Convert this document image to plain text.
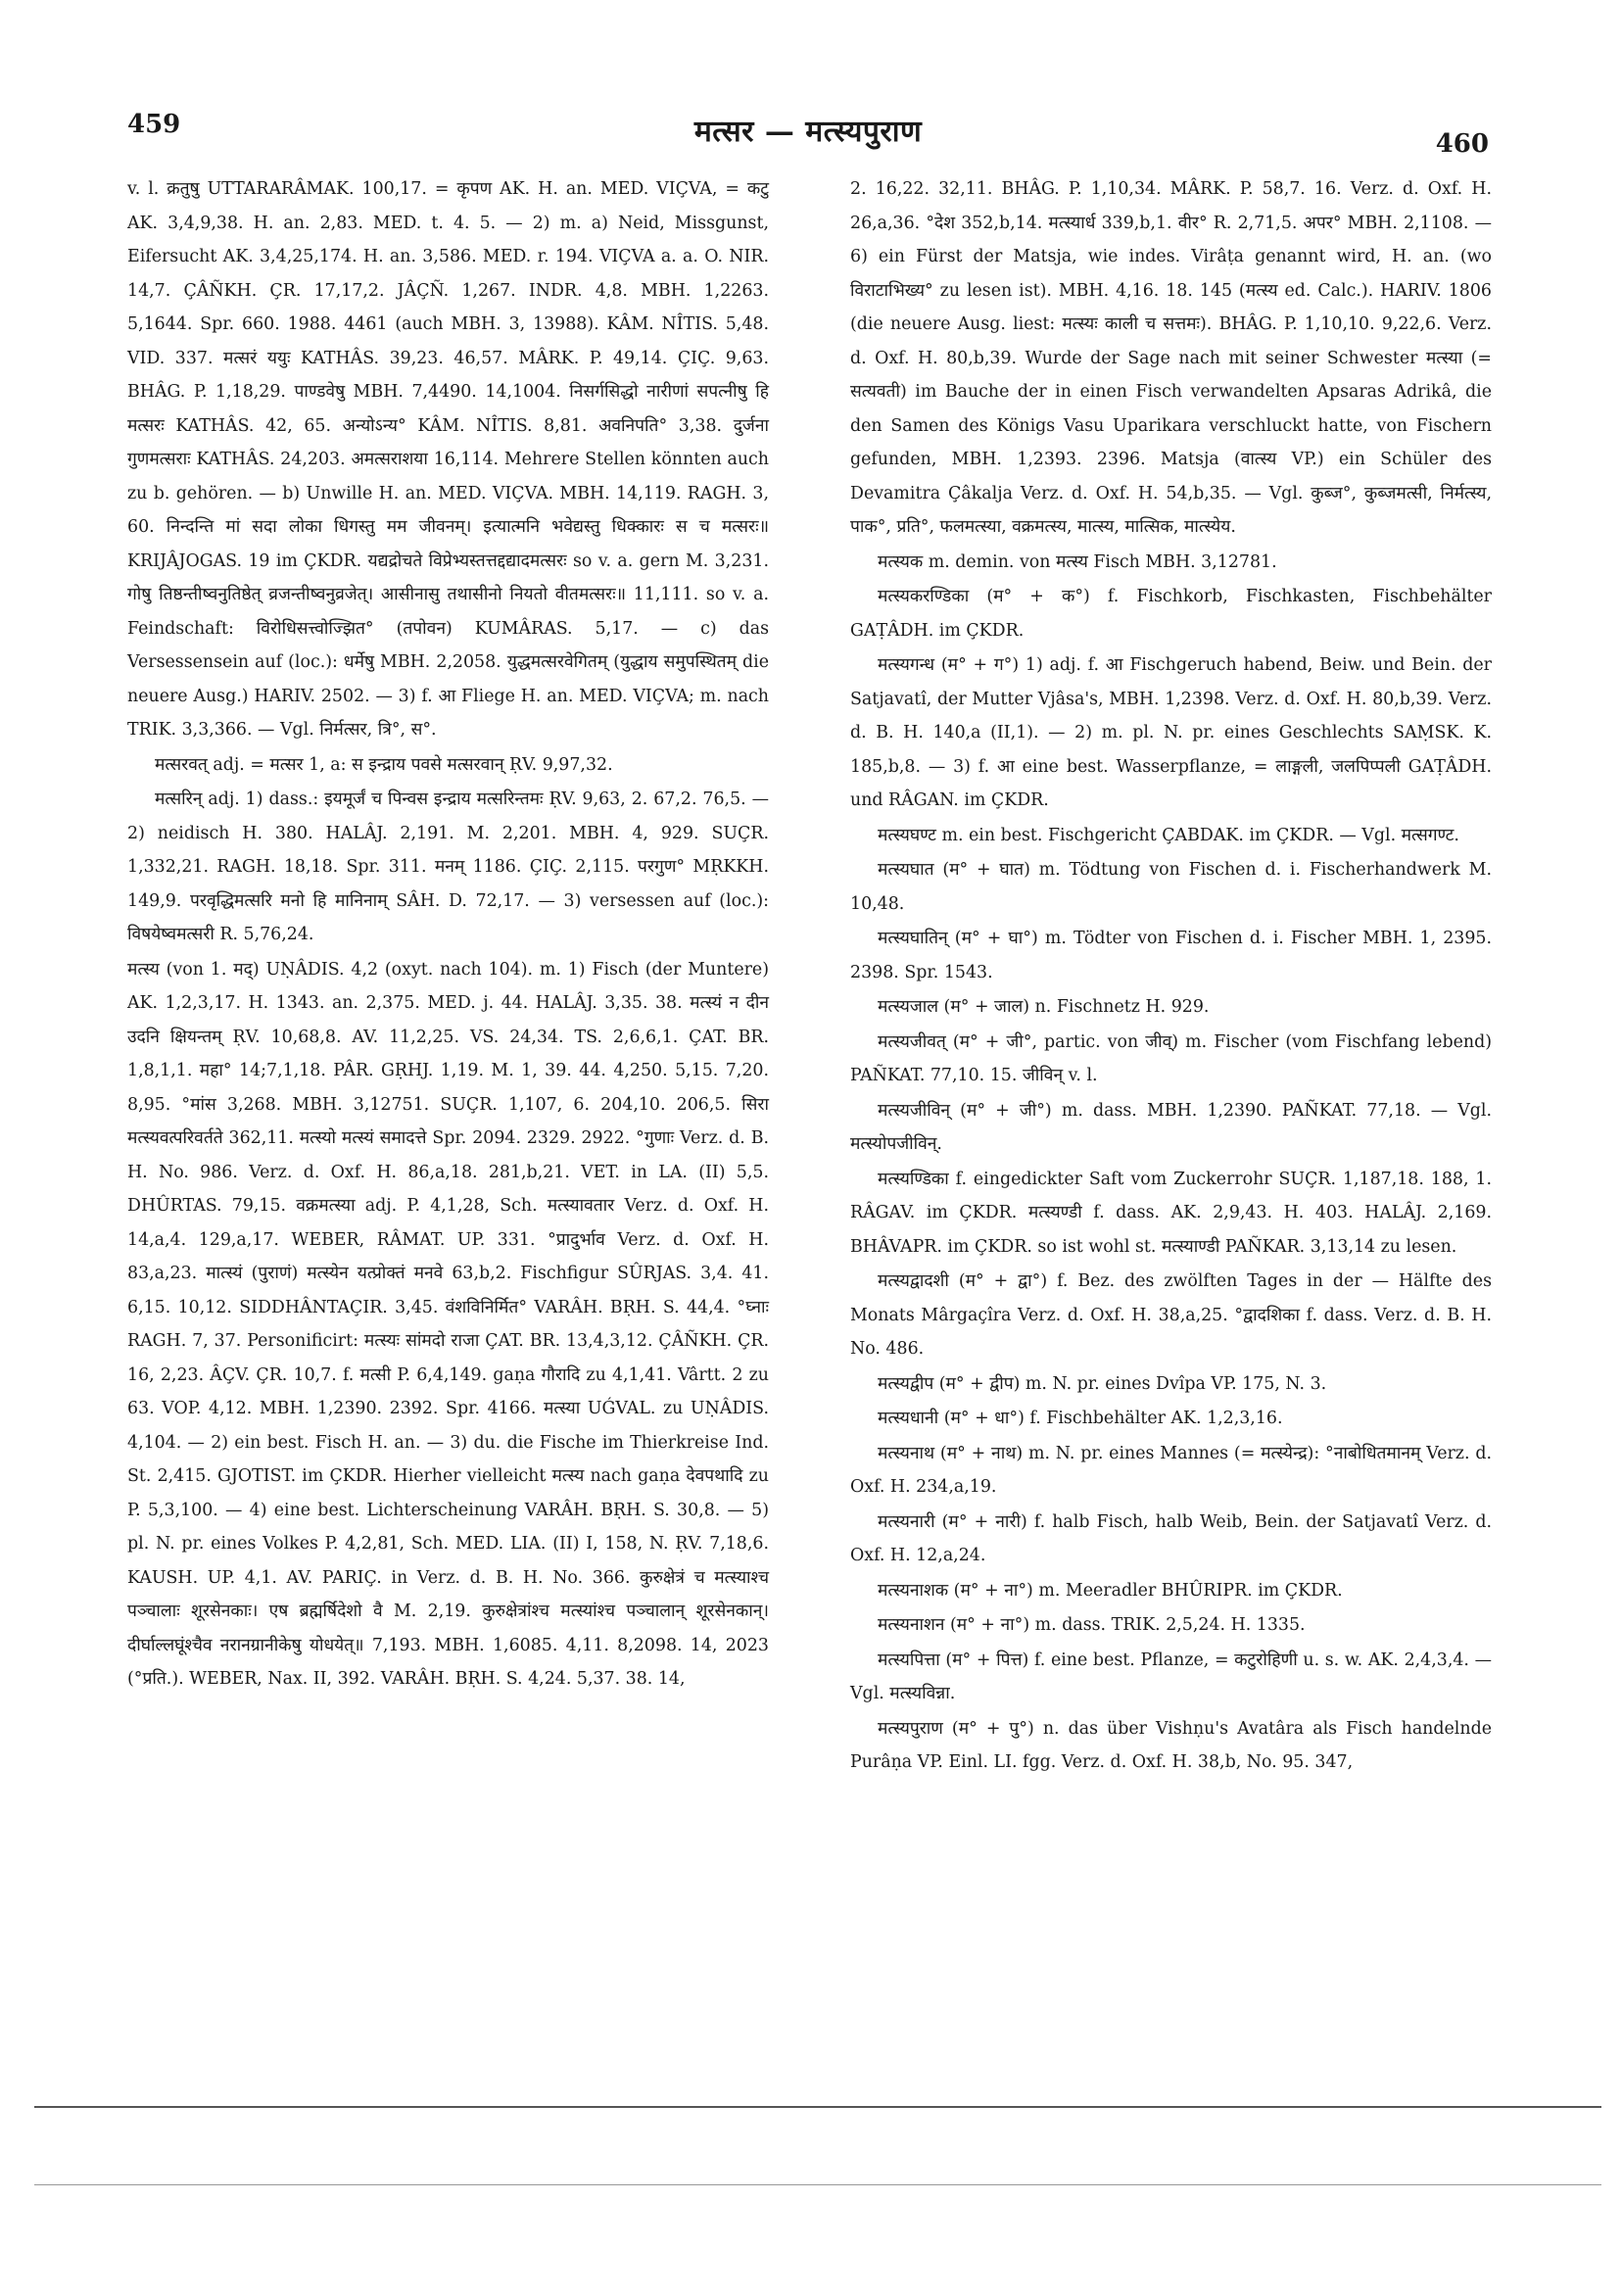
459	मत्सर — मत्स्यपुराण	460

v. l. क्रतुषु UTTARARÂMAK. 100,17. = कृपण AK. H. an. MED. VIÇVA, = कटु AK. 3,4,9,38. H. an. 2,83. MED. t. 4. 5. — 2) m. a) Neid, Missgunst, Eifersucht AK. 3,4,25,174. H. an. 3,586. MED. r. 194. VIÇVA a. a. O. NIR. 14,7. ÇÂÑKH. ÇR. 17,17,2. JÂÇÑ. 1,267. INDR. 4,8. MBH. 1,2263. 5,1644. Spr. 660. 1988. 4461 (auch MBH. 3, 13988). KÂM. NÎTIS. 5,48. VID. 337. मत्सरं ययुः KATHÂS. 39,23. 46,57. MÂRK. P. 49,14. ÇIÇ. 9,63. BHÂG. P. 1,18,29. पाण्डवेषु MBH. 7,4490. 14,1004. निसर्गसिद्धो नारीणां सपत्नीषु हि मत्सरः KATHÂS. 42, 65. अन्योऽन्य° KÂM. NÎTIS. 8,81. अवनिपति° 3,38. दुर्जना गुणमत्सराः KATHÂS. 24,203. अमत्सराशया 16,114. Mehrere Stellen könnten auch zu b. gehören. — b) Unwille H. an. MED. VIÇVA. MBH. 14,119. RAGH. 3, 60. निन्दन्ति मां सदा लोका धिगस्तु मम जीवनम्। इत्यात्मनि भवेद्यस्तु धिक्कारः स च मत्सरः॥ KRIJÂJOGAS. 19 im ÇKDR. यद्यद्रोचते विप्रेभ्यस्तत्तद्दद्यादमत्सरः so v. a. gern M. 3,231. गोषु तिष्ठन्तीष्वनुतिष्ठेत् व्रजन्तीष्वनुव्रजेत्। आसीनासु तथासीनो नियतो वीतमत्सरः॥ 11,111. so v. a. Feindschaft: विरोधिसत्त्वोज्झित° (तपोवन) KUMÂRAS. 5,17. — c) das Versessensein auf (loc.): धर्मेषु MBH. 2,2058. युद्धमत्सरवेगितम् (युद्धाय समुपस्थितम् die neuere Ausg.) HARIV. 2502. — 3) f. आ Fliege H. an. MED. VIÇVA; m. nach TRIK. 3,3,366. — Vgl. निर्मत्सर, त्रि°, स°.

मत्सरवत् adj. = मत्सर 1, a: स इन्द्राय पवसे मत्सरवान् ṚV. 9,97,32.

मत्सरिन् adj. 1) dass.: इयमूर्जं च पिन्वस इन्द्राय मत्सरिन्तमः ṚV. 9,63, 2. 67,2. 76,5. — 2) neidisch H. 380. HALÂJ. 2,191. M. 2,201. MBH. 4, 929. SUÇR. 1,332,21. RAGH. 18,18. Spr. 311. मनम् 1186. ÇIÇ. 2,115. परगुण° MṚKKH. 149,9. परवृद्धिमत्सरि मनो हि मानिनाम् SÂH. D. 72,17. — 3) versessen auf (loc.): विषयेष्वमत्सरी R. 5,76,24.

मत्स्य (von 1. मद्) UṆÂDIS. 4,2 (oxyt. nach 104). m. 1) Fisch (der Muntere) AK. 1,2,3,17. H. 1343. an. 2,375. MED. j. 44. HALÂJ. 3,35. 38. मत्स्यं न दीन उदनि क्षियन्तम् ṚV. 10,68,8. AV. 11,2,25. VS. 24,34. TS. 2,6,6,1. ÇAT. BR. 1,8,1,1. महा° 14;7,1,18. PÂR. GṚHJ. 1,19. M. 1, 39. 44. 4,250. 5,15. 7,20. 8,95. °मांस 3,268. MBH. 3,12751. SUÇR. 1,107, 6. 204,10. 206,5. सिरा मत्स्यवत्परिवर्तते 362,11. मत्स्यो मत्स्यं समादत्ते Spr. 2094. 2329. 2922. °गुणाः Verz. d. B. H. No. 986. Verz. d. Oxf. H. 86,a,18. 281,b,21. VET. in LA. (II) 5,5. DHÛRTAS. 79,15. वक्रमत्स्या adj. P. 4,1,28, Sch. मत्स्यावतार Verz. d. Oxf. H. 14,a,4. 129,a,17. WEBER, RÂMAT. UP. 331. °प्रादुर्भाव Verz. d. Oxf. H. 83,a,23. मात्स्यं (पुराणं) मत्स्येन यत्प्रोक्तं मनवे 63,b,2. Fischfigur SÛRJAS. 3,4. 41. 6,15. 10,12. SIDDHÂNTAÇIR. 3,45. वंशविनिर्मित° VARÂH. BṚH. S. 44,4. °घ्नाः RAGH. 7, 37. Personificirt: मत्स्यः सांमदो राजा ÇAT. BR. 13,4,3,12. ÇÂÑKH. ÇR. 16, 2,23. ÂÇV. ÇR. 10,7. f. मत्सी P. 6,4,149. gaṇa गौरादि zu 4,1,41. Vârtt. 2 zu 63. VOP. 4,12. MBH. 1,2390. 2392. Spr. 4166. मत्स्या UǴVAL. zu UṆÂDIS. 4,104. — 2) ein best. Fisch H. an. — 3) du. die Fische im Thierkreise Ind. St. 2,415. GJOTIST. im ÇKDR. Hierher vielleicht मत्स्य nach gaṇa देवपथादि zu P. 5,3,100. — 4) eine best. Lichterscheinung VARÂH. BṚH. S. 30,8. — 5) pl. N. pr. eines Volkes P. 4,2,81, Sch. MED. LIA. (II) I, 158, N. ṚV. 7,18,6. KAUSH. UP. 4,1. AV. PARIÇ. in Verz. d. B. H. No. 366. कुरुक्षेत्रं च मत्स्याश्च पञ्चालाः शूरसेनकाः। एष ब्रह्मर्षिदेशो वै M. 2,19. कुरुक्षेत्रांश्च मत्स्यांश्च पञ्चालान् शूरसेनकान्। दीर्घाल्लघूंश्चैव नरानग्रानीकेषु योधयेत्॥ 7,193. MBH. 1,6085. 4,11. 8,2098. 14, 2023 (°प्रति.). WEBER, Nax. II, 392. VARÂH. BṚH. S. 4,24. 5,37. 38. 14,

2. 16,22. 32,11. BHÂG. P. 1,10,34. MÂRK. P. 58,7. 16. Verz. d. Oxf. H. 26,a,36. °देश 352,b,14. मत्स्यार्ध 339,b,1. वीर° R. 2,71,5. अपर° MBH. 2,1108. — 6) ein Fürst der Matsja, wie indes. Virâṭa genannt wird, H. an. (wo विराटाभिख्य° zu lesen ist). MBH. 4,16. 18. 145 (मत्स्य ed. Calc.). HARIV. 1806 (die neuere Ausg. liest: मत्स्यः काली च सत्तमः). BHÂG. P. 1,10,10. 9,22,6. Verz. d. Oxf. H. 80,b,39. Wurde der Sage nach mit seiner Schwester मत्स्या (= सत्यवती) im Bauche der in einen Fisch verwandelten Apsaras Adrikâ, die den Samen des Königs Vasu Uparikara verschluckt hatte, von Fischern gefunden, MBH. 1,2393. 2396. Matsja (वात्स्य VP.) ein Schüler des Devamitra Çâkalja Verz. d. Oxf. H. 54,b,35. — Vgl. कुब्ज°, कुब्जमत्सी, निर्मत्स्य, पाक°, प्रति°, फलमत्स्या, वक्रमत्स्य, मात्स्य, मात्सिक, मात्स्येय.

मत्स्यक m. demin. von मत्स्य Fisch MBH. 3,12781.

मत्स्यकरण्डिका (म° + क°) f. Fischkorb, Fischkasten, Fischbehälter GAṬÂDH. im ÇKDR.

मत्स्यगन्ध (म° + ग°) 1) adj. f. आ Fischgeruch habend, Beiw. und Bein. der Satjavatî, der Mutter Vjâsa's, MBH. 1,2398. Verz. d. Oxf. H. 80,b,39. Verz. d. B. H. 140,a (II,1). — 2) m. pl. N. pr. eines Geschlechts SAṂSK. K. 185,b,8. — 3) f. आ eine best. Wasserpflanze, = लाङ्गली, जलपिप्पली GAṬÂDH. und RÂGAN. im ÇKDR.

मत्स्यघण्ट m. ein best. Fischgericht ÇABDAK. im ÇKDR. — Vgl. मत्सगण्ट.

मत्स्यघात (म° + घात) m. Tödtung von Fischen d. i. Fischerhandwerk M. 10,48.

मत्स्यघातिन् (म° + घा°) m. Tödter von Fischen d. i. Fischer MBH. 1, 2395. 2398. Spr. 1543.

मत्स्यजाल (म° + जाल) n. Fischnetz H. 929.

मत्स्यजीवत् (म° + जी°, partic. von जीव्) m. Fischer (vom Fischfang lebend) PAÑKAT. 77,10. 15. जीविन् v. l.

मत्स्यजीविन् (म° + जी°) m. dass. MBH. 1,2390. PAÑKAT. 77,18. — Vgl. मत्स्योपजीविन्.

मत्स्यण्डिका f. eingedickter Saft vom Zuckerrohr SUÇR. 1,187,18. 188, 1. RÂGAV. im ÇKDR. मत्स्यण्डी f. dass. AK. 2,9,43. H. 403. HALÂJ. 2,169. BHÂVAPR. im ÇKDR. so ist wohl st. मत्स्याण्डी PAÑKAR. 3,13,14 zu lesen.

मत्स्यद्वादशी (म° + द्वा°) f. Bez. des zwölften Tages in der — Hälfte des Monats Mârgaçîra Verz. d. Oxf. H. 38,a,25. °द्वादशिका f. dass. Verz. d. B. H. No. 486.

मत्स्यद्वीप (म° + द्वीप) m. N. pr. eines Dvîpa VP. 175, N. 3.

मत्स्यधानी (म° + धा°) f. Fischbehälter AK. 1,2,3,16.

मत्स्यनाथ (म° + नाथ) m. N. pr. eines Mannes (= मत्स्येन्द्र): °नाबोधितमानम् Verz. d. Oxf. H. 234,a,19.

मत्स्यनारी (म° + नारी) f. halb Fisch, halb Weib, Bein. der Satjavatî Verz. d. Oxf. H. 12,a,24.

मत्स्यनाशक (म° + ना°) m. Meeradler BHÛRIPR. im ÇKDR.

मत्स्यनाशन (म° + ना°) m. dass. TRIK. 2,5,24. H. 1335.

मत्स्यपित्ता (म° + पित्त) f. eine best. Pflanze, = कटुरोहिणी u. s. w. AK. 2,4,3,4. — Vgl. मत्स्यविन्ना.

मत्स्यपुराण (म° + पु°) n. das über Vishṇu's Avatâra als Fisch handelnde Purâṇa VP. Einl. LI. fgg. Verz. d. Oxf. H. 38,b, No. 95. 347,
